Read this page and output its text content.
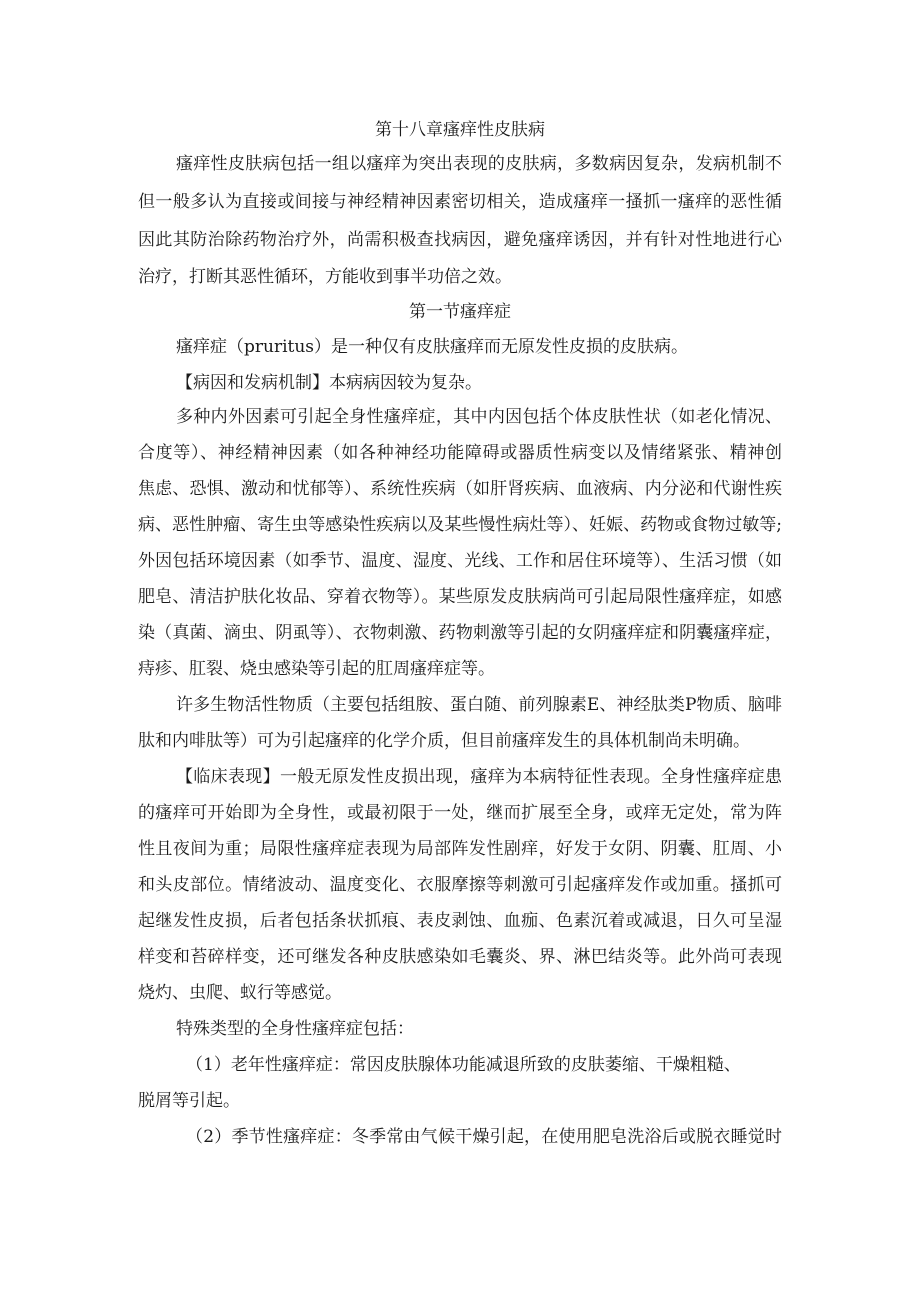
第十八章瘙痒性皮肤病
瘙痒性皮肤病包括一组以瘙痒为突出表现的皮肤病，多数病因复杂，发病机制不
但一般多认为直接或间接与神经精神因素密切相关，造成瘙痒一搔抓一瘙痒的恶性循
因此其防治除药物治疗外，尚需积极查找病因，避免瘙痒诱因，并有针对性地进行心
治疗，打断其恶性循环，方能收到事半功倍之效。
第一节瘙痒症
瘙痒症（pruritus）是一种仅有皮肤瘙痒而无原发性皮损的皮肤病。
【病因和发病机制】本病病因较为复杂。
多种内外因素可引起全身性瘙痒症，其中内因包括个体皮肤性状（如老化情况、
合度等）、神经精神因素（如各种神经功能障碍或器质性病变以及情绪紧张、精神创
焦虑、恐惧、激动和忧郁等）、系统性疾病（如肝肾疾病、血液病、内分泌和代谢性疾
病、恶性肿瘤、寄生虫等感染性疾病以及某些慢性病灶等）、妊娠、药物或食物过敏等;
外因包括环境因素（如季节、温度、湿度、光线、工作和居住环境等）、生活习惯（如
肥皂、清洁护肤化妆品、穿着衣物等）。某些原发皮肤病尚可引起局限性瘙痒症，如感
染（真菌、滴虫、阴虱等）、衣物刺激、药物刺激等引起的女阴瘙痒症和阴囊瘙痒症，
痔疹、肛裂、烧虫感染等引起的肛周瘙痒症等。
许多生物活性物质（主要包括组胺、蛋白随、前列腺素E、神经肽类P物质、脑啡
肽和内啡肽等）可为引起瘙痒的化学介质，但目前瘙痒发生的具体机制尚未明确。
【临床表现】一般无原发性皮损出现，瘙痒为本病特征性表现。全身性瘙痒症患
的瘙痒可开始即为全身性，或最初限于一处，继而扩展至全身，或痒无定处，常为阵
性且夜间为重；局限性瘙痒症表现为局部阵发性剧痒，好发于女阴、阴囊、肛周、小
和头皮部位。情绪波动、温度变化、衣服摩擦等刺激可引起瘙痒发作或加重。搔抓可
起继发性皮损，后者包括条状抓痕、表皮剥蚀、血痂、色素沉着或减退，日久可呈湿
样变和苔碎样变，还可继发各种皮肤感染如毛囊炎、界、淋巴结炎等。此外尚可表现
烧灼、虫爬、蚁行等感觉。
特殊类型的全身性瘙痒症包括：
（1）老年性瘙痒症：常因皮肤腺体功能减退所致的皮肤萎缩、干燥粗糙、
脱屑等引起。
（2）季节性瘙痒症：冬季常由气候干燥引起，在使用肥皂洗浴后或脱衣睡觉时
